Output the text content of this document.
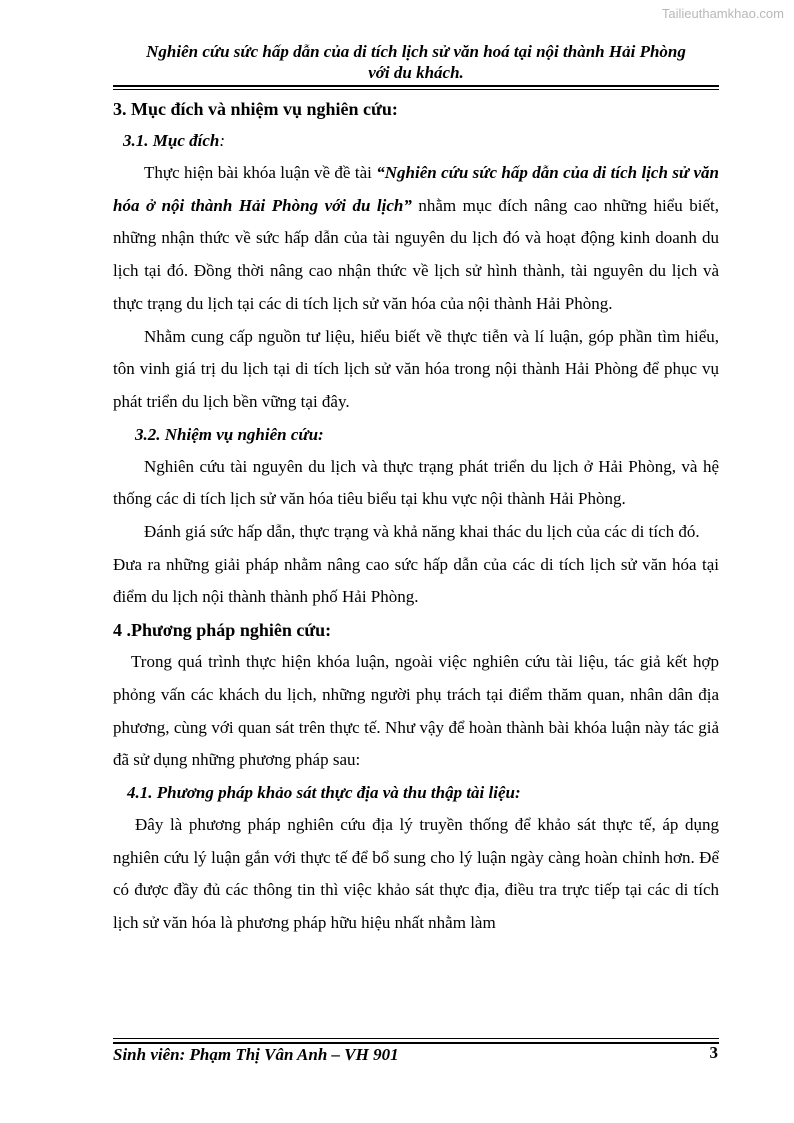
Tailieuthamkhao.com
Nghiên cứu sức hấp dẫn của di tích lịch sử văn hoá tại nội thành Hải Phòng
với du khách.
3. Mục đích và nhiệm vụ nghiên cứu:
3.1. Mục đích:
Thực hiện bài khóa luận về đề tài “Nghiên cứu sức hấp dẫn của di tích lịch sử văn hóa ở nội thành Hải Phòng với du lịch” nhằm mục đích nâng cao những hiểu biết, những nhận thức về sức hấp dẫn của tài nguyên du lịch đó và hoạt động kinh doanh du lịch tại đó. Đồng thời nâng cao nhận thức về lịch sử hình thành, tài nguyên du lịch và thực trạng du lịch tại các di tích lịch sử văn hóa của nội thành Hải Phòng.
Nhằm cung cấp nguồn tư liệu, hiểu biết về thực tiễn và lí luận, góp phần tìm hiểu, tôn vinh giá trị du lịch tại di tích lịch sử văn hóa trong nội thành Hải Phòng để phục vụ phát triển du lịch bền vững tại đây.
3.2. Nhiệm vụ nghiên cứu:
Nghiên cứu tài nguyên du lịch và thực trạng phát triển du lịch ở Hải Phòng, và hệ thống các di tích lịch sử văn hóa tiêu biểu tại khu vực nội thành Hải Phòng.
Đánh giá sức hấp dẫn, thực trạng và khả năng khai thác du lịch của các di tích đó.
Đưa ra những giải pháp nhằm nâng cao sức hấp dẫn của các di tích lịch sử văn hóa tại điểm du lịch nội thành thành phố Hải Phòng.
4 .Phương pháp nghiên cứu:
Trong quá trình thực hiện khóa luận, ngoài việc nghiên cứu tài liệu, tác giả kết hợp phỏng vấn các khách du lịch, những người phụ trách tại điểm thăm quan, nhân dân địa phương, cùng với quan sát trên thực tế. Như vậy để hoàn thành bài khóa luận này tác giả đã sử dụng những phương pháp sau:
4.1. Phương pháp khảo sát thực địa và thu thập tài liệu:
Đây là phương pháp nghiên cứu địa lý truyền thống để khảo sát thực tế, áp dụng nghiên cứu lý luận gắn với thực tế để bổ sung cho lý luận ngày càng hoàn chỉnh hơn. Để có được đầy đủ các thông tin thì việc khảo sát thực địa, điều tra trực tiếp tại các di tích lịch sử văn hóa là phương pháp hữu hiệu nhất nhằm làm
Sinh viên: Phạm Thị Vân Anh – VH 901	3
